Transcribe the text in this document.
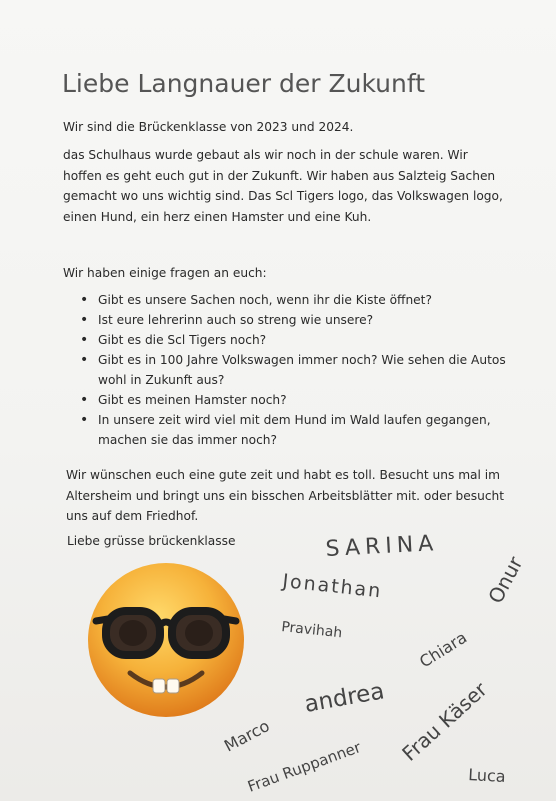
Liebe Langnauer der Zukunft

Wir sind die Brückenklasse von 2023 und 2024.

das Schulhaus wurde gebaut als wir noch in der schule waren. Wir hoffen es geht euch gut in der Zukunft. Wir haben aus Salzteig Sachen gemacht wo uns wichtig sind. Das Scl Tigers logo, das Volkswagen logo, einen Hund, ein herz einen Hamster und eine Kuh.

Wir haben einige fragen an euch:

• Gibt es unsere Sachen noch, wenn ihr die Kiste öffnet?
• Ist eure lehrerinn auch so streng wie unsere?
• Gibt es die Scl Tigers noch?
• Gibt es in 100 Jahre Volkswagen immer noch? Wie sehen die Autos wohl in Zukunft aus?
• Gibt es meinen Hamster noch?
• In unsere zeit wird viel mit dem Hund im Wald laufen gegangen, machen sie das immer noch?

Wir wünschen euch eine gute zeit und habt es toll. Besucht uns mal im Altersheim und bringt uns ein bisschen Arbeitsblätter mit. oder besucht uns auf dem Friedhof.

Liebe grüsse brückenklasse	SARINA
Jonathan	Onur
Pravihah	Chiara
andrea Frau Käser
Marco
Frau Ruppanner	Luca
